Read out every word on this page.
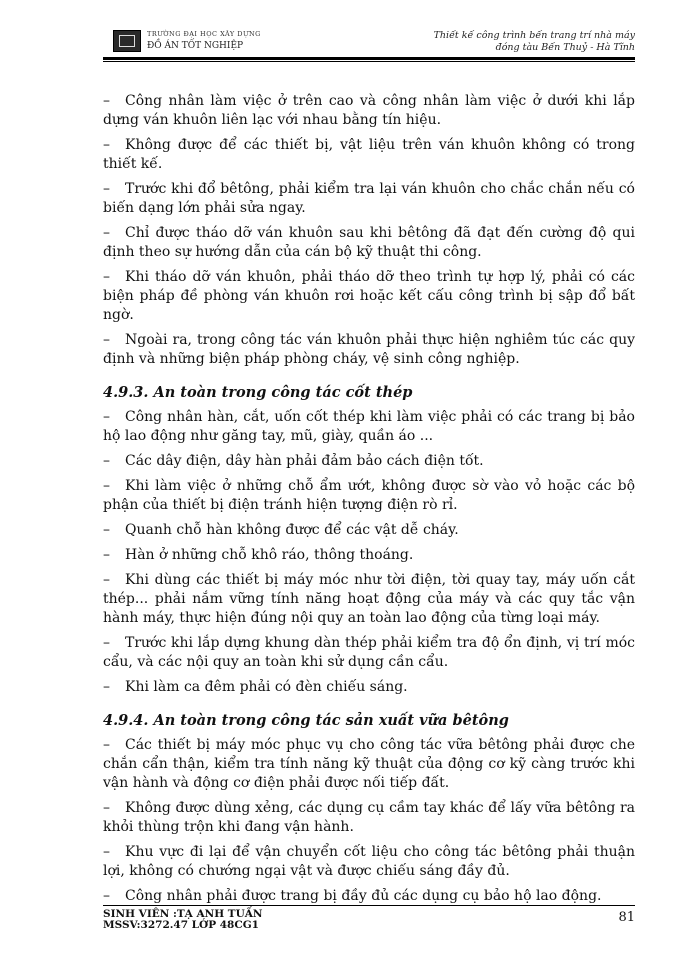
TRƯỜNG ĐẠI HỌC XÂY DỰNG
ĐỒ ÁN TỐT NGHIỆP
Thiết kế công trình bến trang trí nhà máy
đóng tàu Bến Thuỷ - Hà Tĩnh

– Công nhân làm việc ở trên cao và công nhân làm việc ở dưới khi lắp dựng ván khuôn liên lạc với nhau bằng tín hiệu.

– Không được để các thiết bị, vật liệu trên ván khuôn không có trong thiết kế.

– Trước khi đổ bêtông, phải kiểm tra lại ván khuôn cho chắc chắn nếu có biến dạng lớn phải sửa ngay.

– Chỉ được tháo dỡ ván khuôn sau khi bêtông đã đạt đến cường độ qui định theo sự hướng dẫn của cán bộ kỹ thuật thi công.

– Khi tháo dỡ ván khuôn, phải tháo dỡ theo trình tự hợp lý, phải có các biện pháp đề phòng ván khuôn rơi hoặc kết cấu công trình bị sập đổ bất ngờ.

– Ngoài ra, trong công tác ván khuôn phải thực hiện nghiêm túc các quy định và những biện pháp phòng cháy, vệ sinh công nghiệp.

4.9.3. An toàn trong công tác cốt thép

– Công nhân hàn, cắt, uốn cốt thép khi làm việc phải có các trang bị bảo hộ lao động như găng tay, mũ, giày, quần áo ...

– Các dây điện, dây hàn phải đảm bảo cách điện tốt.

– Khi làm việc ở những chỗ ẩm ướt, không được sờ vào vỏ hoặc các bộ phận của thiết bị điện tránh hiện tượng điện rò rỉ.

– Quanh chỗ hàn không được để các vật dễ cháy.

– Hàn ở những chỗ khô ráo, thông thoáng.

– Khi dùng các thiết bị máy móc như tời điện, tời quay tay, máy uốn cắt thép... phải nắm vững tính năng hoạt động của máy và các quy tắc vận hành máy, thực hiện đúng nội quy an toàn lao động của từng loại máy.

– Trước khi lắp dựng khung dàn thép phải kiểm tra độ ổn định, vị trí móc cẩu, và các nội quy an toàn khi sử dụng cần cẩu.

– Khi làm ca đêm phải có đèn chiếu sáng.

4.9.4. An toàn trong công tác sản xuất vữa bêtông

– Các thiết bị máy móc phục vụ cho công tác vữa bêtông phải được che chắn cẩn thận, kiểm tra tính năng kỹ thuật của động cơ kỹ càng trước khi vận hành và động cơ điện phải được nối tiếp đất.

– Không được dùng xẻng, các dụng cụ cầm tay khác để lấy vữa bêtông ra khỏi thùng trộn khi đang vận hành.

– Khu vực đi lại để vận chuyển cốt liệu cho công tác bêtông phải thuận lợi, không có chướng ngại vật và được chiếu sáng đầy đủ.

– Công nhân phải được trang bị đầy đủ các dụng cụ bảo hộ lao động.

SINH VIÊN :TẠ ANH TUẤN
MSSV:3272.47 LỚP 48CG1	81
